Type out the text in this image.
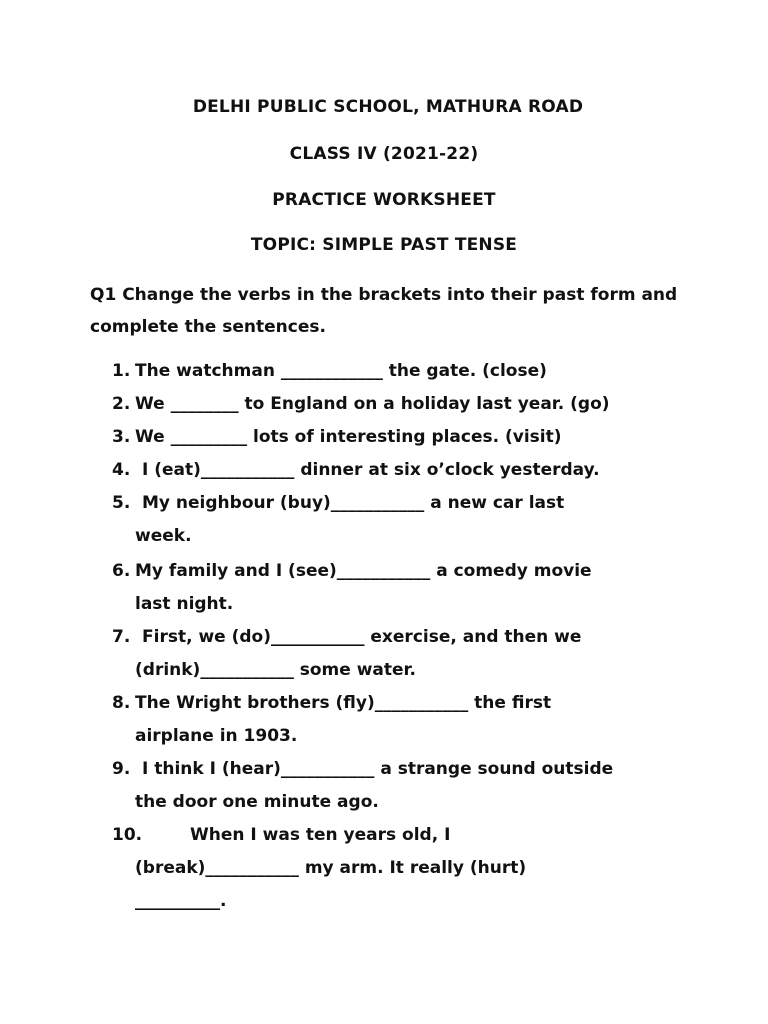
DELHI PUBLIC SCHOOL, MATHURA ROAD
CLASS IV (2021-22)
PRACTICE WORKSHEET
TOPIC: SIMPLE PAST TENSE
Q1 Change the verbs in the brackets into their past form and complete the sentences.
1. The watchman ____________ the gate. (close)
2. We ________ to England on a holiday last year. (go)
3. We _________ lots of interesting places. (visit)
4. I (eat)___________ dinner at six o’clock yesterday.
5. My neighbour (buy)___________ a new car last
week.
6. My family and I (see)___________ a comedy movie
last night.
7. First, we (do)___________ exercise, and then we
(drink)___________ some water.
8. The Wright brothers (fly)___________ the first
airplane in 1903.
9. I think I (hear)___________ a strange sound outside
the door one minute ago.
10.	When I was ten years old, I
(break)___________ my arm. It really (hurt)
__________.
